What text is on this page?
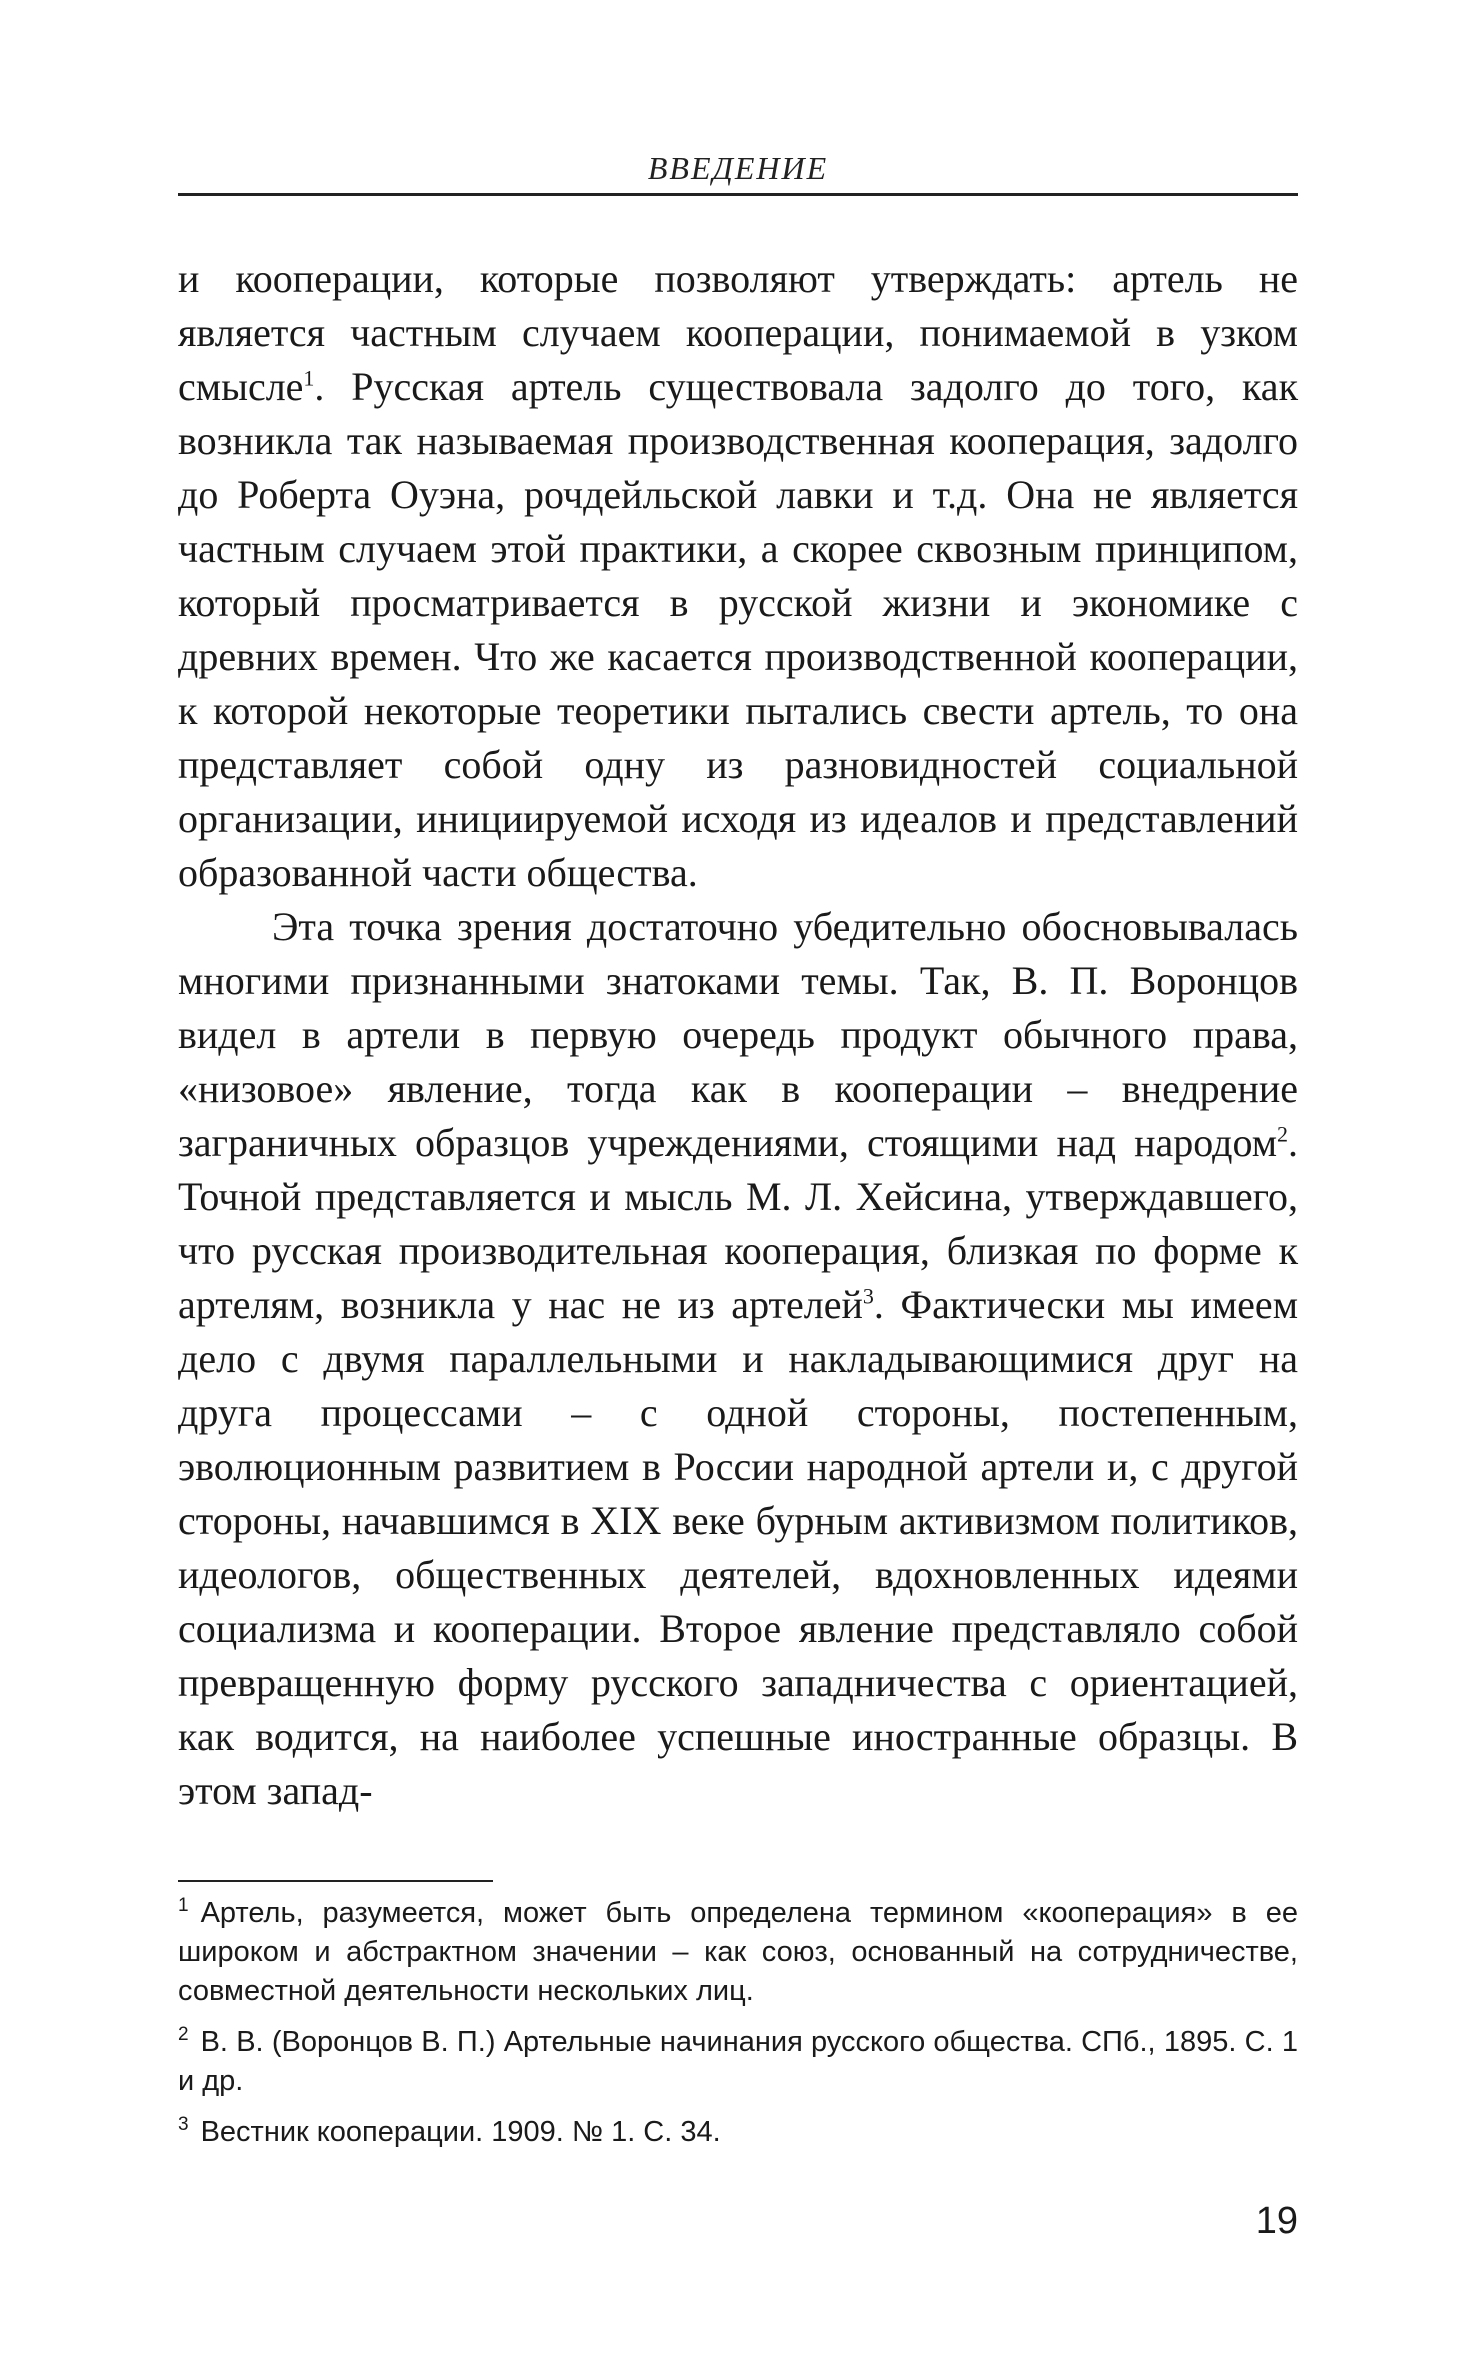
ВВЕДЕНИЕ

и кооперации, которые позволяют утверждать: артель не является частным случаем кооперации, понимаемой в узком смысле$^1$. Русская артель существовала задолго до того, как возникла так называемая производственная кооперация, задолго до Роберта Оуэна, рочдейльской лавки и т.д. Она не является частным случаем этой практики, а скорее сквозным принципом, который просматривается в русской жизни и экономике с древних времен. Что же касается производственной кооперации, к которой некоторые теоретики пытались свести артель, то она представляет собой одну из разновидностей социальной организации, инициируемой исходя из идеалов и представлений образованной части общества.

Эта точка зрения достаточно убедительно обосновывалась многими признанными знатоками темы. Так, В. П. Воронцов видел в артели в первую очередь продукт обычного права, «низовое» явление, тогда как в кооперации – внедрение заграничных образцов учреждениями, стоящими над народом$^2$. Точной представляется и мысль М. Л. Хейсина, утверждавшего, что русская производительная кооперация, близкая по форме к артелям, возникла у нас не из артелей$^3$. Фактически мы имеем дело с двумя параллельными и накладывающимися друг на друга процессами – с одной стороны, постепенным, эволюционным развитием в России народной артели и, с другой стороны, начавшимся в XIX веке бурным активизмом политиков, идеологов, общественных деятелей, вдохновленных идеями социализма и кооперации. Второе явление представляло собой превращенную форму русского западничества с ориентацией, как водится, на наиболее успешные иностранные образцы. В этом запад-

$^1$ Артель, разумеется, может быть определена термином «кооперация» в ее широком и абстрактном значении – как союз, основанный на сотрудничестве, совместной деятельности нескольких лиц.

$^2$ В. В. (Воронцов В. П.) Артельные начинания русского общества. СПб., 1895. С. 1 и др.

$^3$ Вестник кооперации. 1909. № 1. С. 34.

19
